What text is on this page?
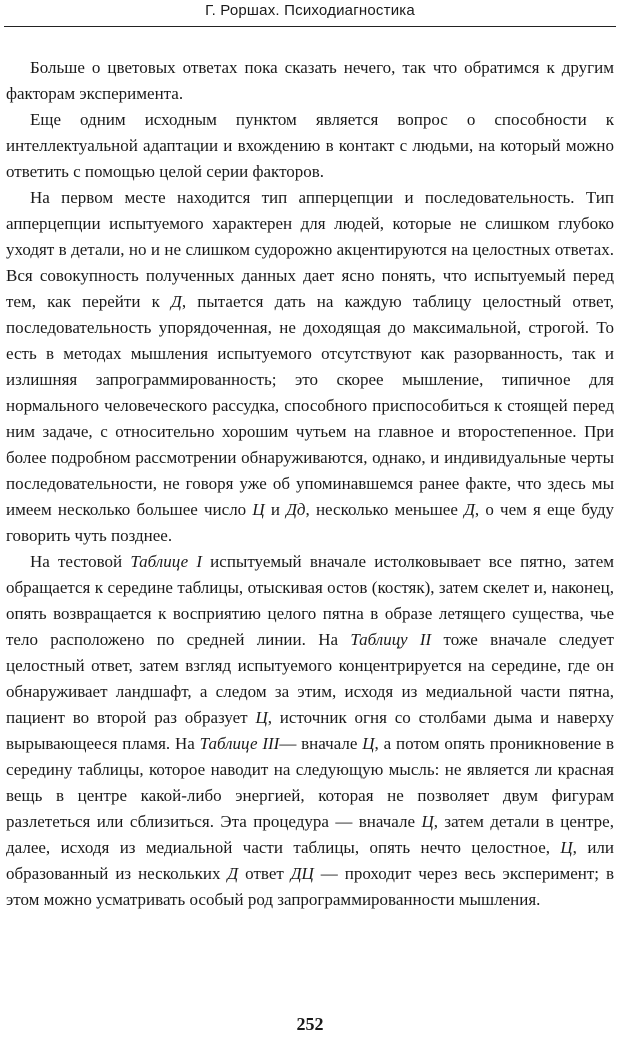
Г. Роршах. Психодиагностика

Больше о цветовых ответах пока сказать нечего, так что обратимся к другим факторам эксперимента.

Еще одним исходным пунктом является вопрос о способности к интеллектуальной адаптации и вхождению в контакт с людьми, на который можно ответить с помощью целой серии факторов.

На первом месте находится тип апперцепции и последовательность. Тип апперцепции испытуемого характерен для людей, которые не слишком глубоко уходят в детали, но и не слишком судорожно акцентируются на целостных ответах. Вся совокупность полученных данных дает ясно понять, что испытуемый перед тем, как перейти к Д, пытается дать на каждую таблицу целостный ответ, последовательность упорядоченная, не доходящая до максимальной, строгой. То есть в методах мышления испытуемого отсутствуют как разорванность, так и излишняя запрограммированность; это скорее мышление, типичное для нормального человеческого рассудка, способного приспособиться к стоящей перед ним задаче, с относительно хорошим чутьем на главное и второстепенное. При более подробном рассмотрении обнаруживаются, однако, и индивидуальные черты последовательности, не говоря уже об упоминавшемся ранее факте, что здесь мы имеем несколько большее число Ц и Дд, несколько меньшее Д, о чем я еще буду говорить чуть позднее.

На тестовой Таблице I испытуемый вначале истолковывает все пятно, затем обращается к середине таблицы, отыскивая остов (костяк), затем скелет и, наконец, опять возвращается к восприятию целого пятна в образе летящего существа, чье тело расположено по средней линии. На Таблицу II тоже вначале следует целостный ответ, затем взгляд испытуемого концентрируется на середине, где он обнаруживает ландшафт, а следом за этим, исходя из медиальной части пятна, пациент во второй раз образует Ц, источник огня со столбами дыма и наверху вырывающееся пламя. На Таблице III— вначале Ц, а потом опять проникновение в середину таблицы, которое наводит на следующую мысль: не является ли красная вещь в центре какой-либо энергией, которая не позволяет двум фигурам разлететься или сблизиться. Эта процедура — вначале Ц, затем детали в центре, далее, исходя из медиальной части таблицы, опять нечто целостное, Ц, или образованный из нескольких Д ответ ДЦ — проходит через весь эксперимент; в этом можно усматривать особый род запрограммированности мышления.

252
